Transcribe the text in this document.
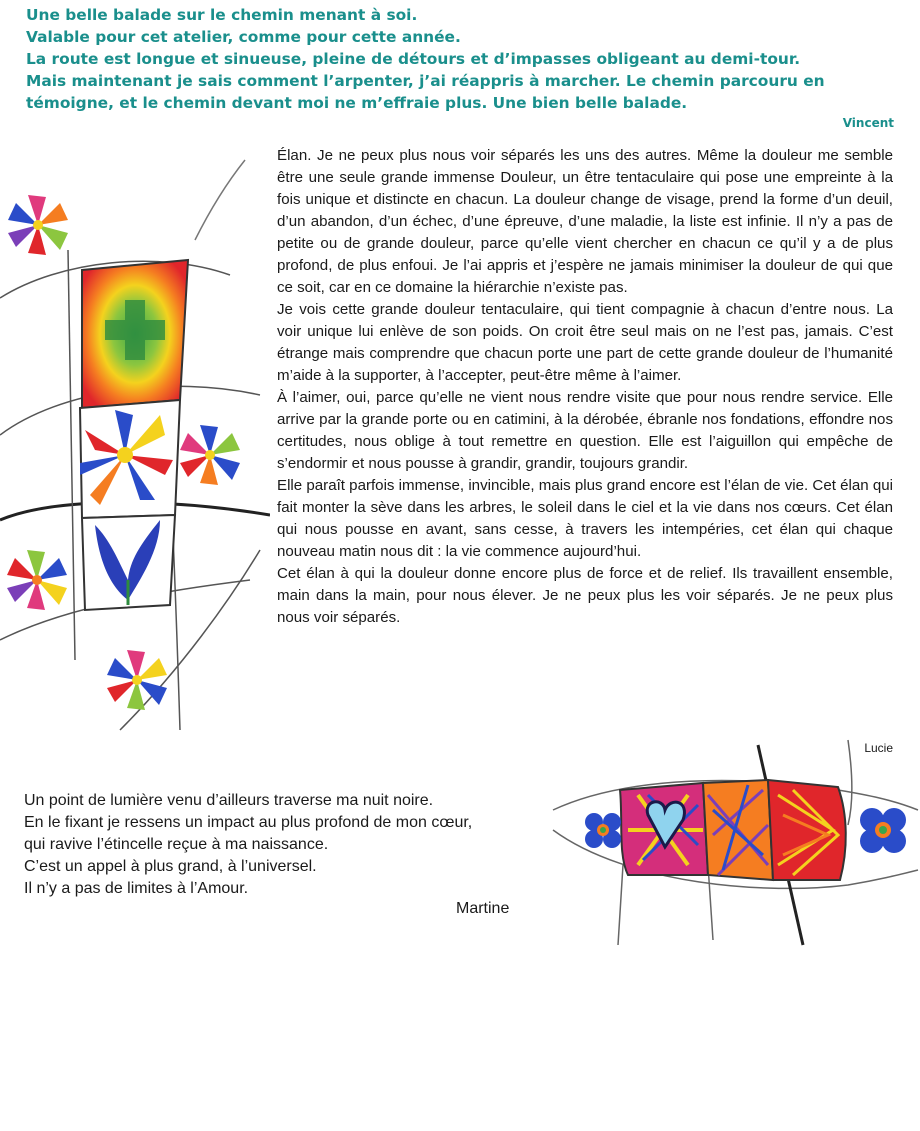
Une belle balade sur le chemin menant à soi.

Valable pour cet atelier, comme pour cette année.

La route est longue et sinueuse, pleine de détours et d’impasses obligeant au demi-tour.

Mais maintenant je sais comment l’arpenter, j’ai réappris à marcher. Le chemin parcouru en témoigne, et le chemin devant moi ne m’effraie plus. Une bien belle balade.

Vincent

Élan. Je ne peux plus nous voir séparés les uns des autres. Même la douleur me semble être une seule grande immense Douleur, un être tentaculaire qui pose une empreinte à la fois unique et distincte en chacun. La douleur change de visage, prend la forme d’un deuil, d’un abandon, d’un échec, d’une épreuve, d’une maladie, la liste est infinie. Il n’y a pas de petite ou de grande douleur, parce qu’elle vient chercher en chacun ce qu’il y a de plus profond, de plus enfoui. Je l’ai appris et j’espère ne jamais minimiser la douleur de qui que ce soit, car en ce domaine la hiérarchie n’existe pas.

Je vois cette grande douleur tentaculaire, qui tient compagnie à chacun d’entre nous. La voir unique lui enlève de son poids. On croit être seul mais on ne l’est pas, jamais. C’est étrange mais comprendre que chacun porte une part de cette grande douleur de l’humanité m’aide à la supporter, à l’accepter, peut-être même à l’aimer.

À l’aimer, oui, parce qu’elle ne vient nous rendre visite que pour nous rendre service. Elle arrive par la grande porte ou en catimini, à la dérobée, ébranle nos fondations, effondre nos certitudes, nous oblige à tout remettre en question. Elle est l’aiguillon qui empêche de s’endormir et nous pousse à grandir, grandir, toujours grandir.

Elle paraît parfois immense, invincible, mais plus grand encore est l’élan de vie. Cet élan qui fait monter la sève dans les arbres, le soleil dans le ciel et la vie dans nos cœurs. Cet élan qui nous pousse en avant, sans cesse, à travers les intempéries, cet élan qui chaque nouveau matin nous dit : la vie commence aujourd’hui.

Cet élan à qui la douleur donne encore plus de force et de relief. Ils travaillent ensemble, main dans la main, pour nous élever. Je ne peux plus les voir séparés. Je ne peux plus nous voir séparés.

Lucie

Un point de lumière venu d’ailleurs traverse ma nuit noire.

En le fixant je ressens un impact au plus profond de mon cœur,

qui ravive l’étincelle reçue à ma naissance.

C’est un appel à plus grand, à l’universel.

Il n’y a pas de limites à l’Amour.

Martine
